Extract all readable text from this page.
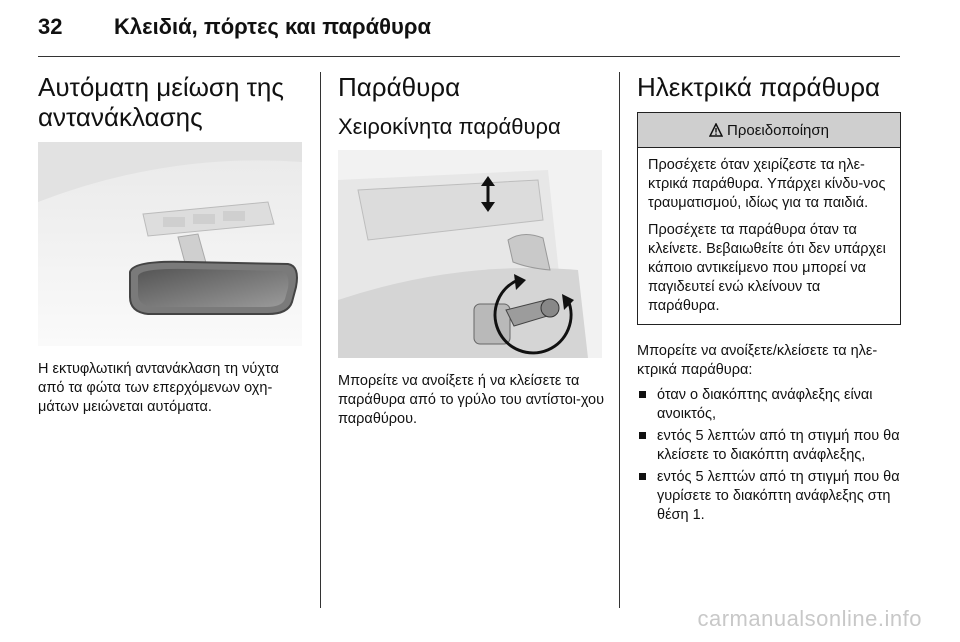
32 Κλειδιά, πόρτες και παράθυρα
Αυτόματη μείωση της αντανάκλασης

Η εκτυφλωτική αντανάκλαση τη νύχτα από τα φώτα των επερχόμενων οχη-μάτων μειώνεται αυτόματα.

Παράθυρα
Χειροκίνητα παράθυρα

Μπορείτε να ανοίξετε ή να κλείσετε τα παράθυρα από το γρύλο του αντίστοι-χου παραθύρου.

Ηλεκτρικά παράθυρα
Προειδοποίηση

Προσέχετε όταν χειρίζεστε τα ηλε-κτρικά παράθυρα. Υπάρχει κίνδυ-νος τραυματισμού, ιδίως για τα παιδιά.

Προσέχετε τα παράθυρα όταν τα κλείνετε. Βεβαιωθείτε ότι δεν υπάρχει κάποιο αντικείμενο που μπορεί να παγιδευτεί ενώ κλείνουν τα παράθυρα.

Μπορείτε να ανοίξετε/κλείσετε τα ηλε-κτρικά παράθυρα:

όταν ο διακόπτης ανάφλεξης είναι ανοικτός,
εντός 5 λεπτών από τη στιγμή που θα κλείσετε το διακόπτη ανάφλεξης,
εντός 5 λεπτών από τη στιγμή που θα γυρίσετε το διακόπτη ανάφλεξης στη θέση 1.
carmanualsonline.info
